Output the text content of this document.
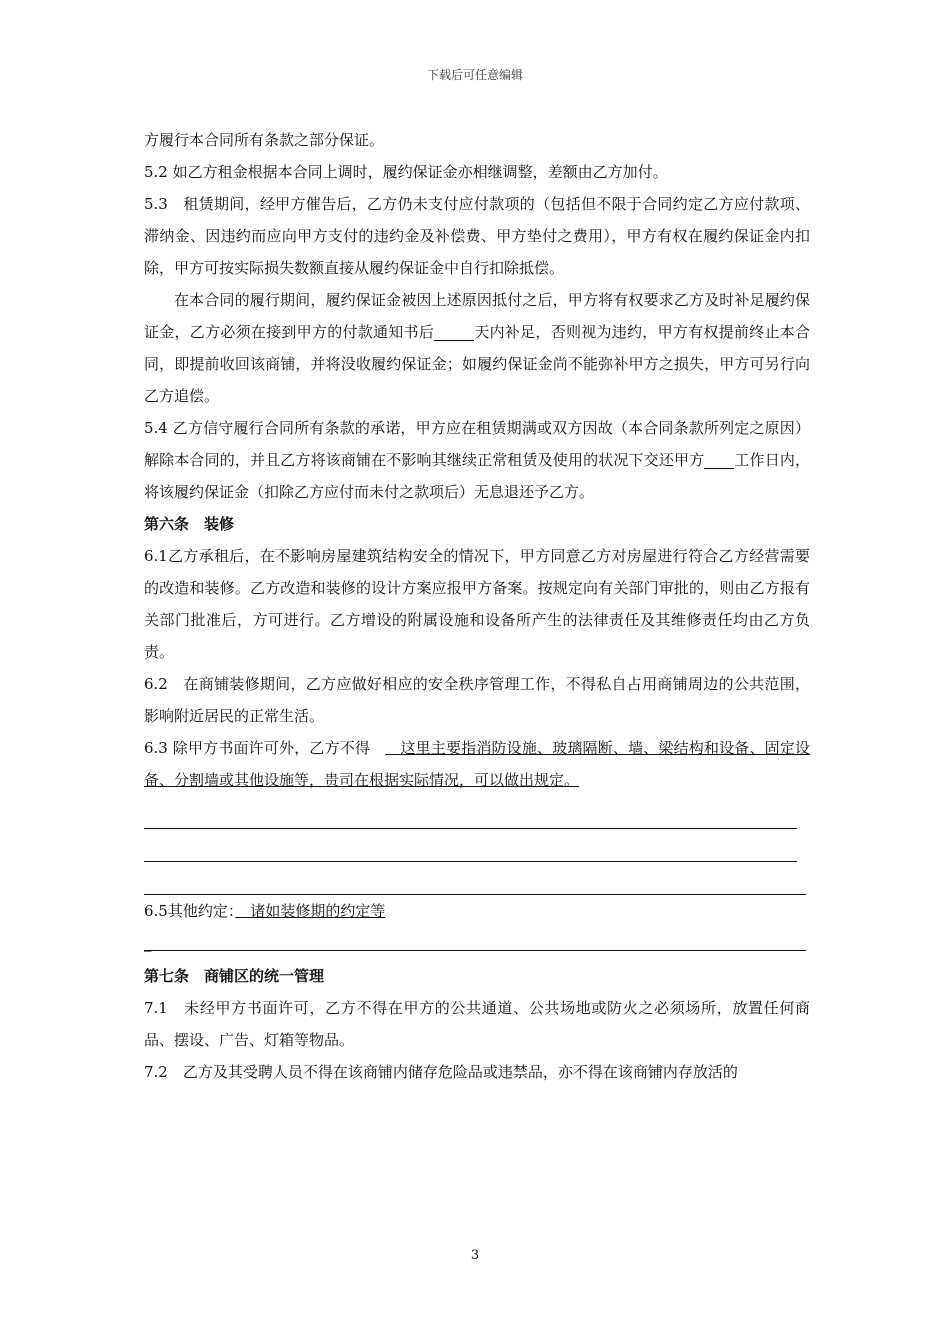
下载后可任意编辑

方履行本合同所有条款之部分保证。

5.2 如乙方租金根据本合同上调时，履约保证金亦相继调整，差额由乙方加付。

5.3　租赁期间，经甲方催告后，乙方仍未支付应付款项的（包括但不限于合同约定乙方应付款项、滞纳金、因违约而应向甲方支付的违约金及补偿费、甲方垫付之费用），甲方有权在履约保证金内扣除，甲方可按实际损失数额直接从履约保证金中自行扣除抵偿。

在本合同的履行期间，履约保证金被因上述原因抵付之后，甲方将有权要求乙方及时补足履约保证金，乙方必须在接到甲方的付款通知书后	天内补足，否则视为违约，甲方有权提前终止本合同，即提前收回该商铺，并将没收履约保证金；如履约保证金尚不能弥补甲方之损失，甲方可另行向乙方追偿。

5.4 乙方信守履行合同所有条款的承诺，甲方应在租赁期满或双方因故（本合同条款所列定之原因）解除本合同的，并且乙方将该商铺在不影响其继续正常租赁及使用的状况下交还甲方 工作日内，将该履约保证金（扣除乙方应付而未付之款项后）无息退还予乙方。

第六条　装修

6.1乙方承租后，在不影响房屋建筑结构安全的情况下，甲方同意乙方对房屋进行符合乙方经营需要的改造和装修。乙方改造和装修的设计方案应报甲方备案。按规定向有关部门审批的，则由乙方报有关部门批准后，方可进行。乙方增设的附属设施和设备所产生的法律责任及其维修责任均由乙方负责。

6.2　在商铺装修期间，乙方应做好相应的安全秩序管理工作，不得私自占用商铺周边的公共范围，影响附近居民的正常生活。

6.3 除甲方书面许可外，乙方不得　　这里主要指消防设施、玻璃隔断、墙、梁结构和设备、固定设备、分割墙或其他设施等，贵司在根据实际情况，可以做出规定。

6.5其他约定：　诸如装修期的约定等

_

第七条　商铺区的统一管理

7.1　未经甲方书面许可，乙方不得在甲方的公共通道、公共场地或防火之必须场所，放置任何商品、摆设、广告、灯箱等物品。

7.2　乙方及其受聘人员不得在该商铺内储存危险品或违禁品，亦不得在该商铺内存放活的

3
